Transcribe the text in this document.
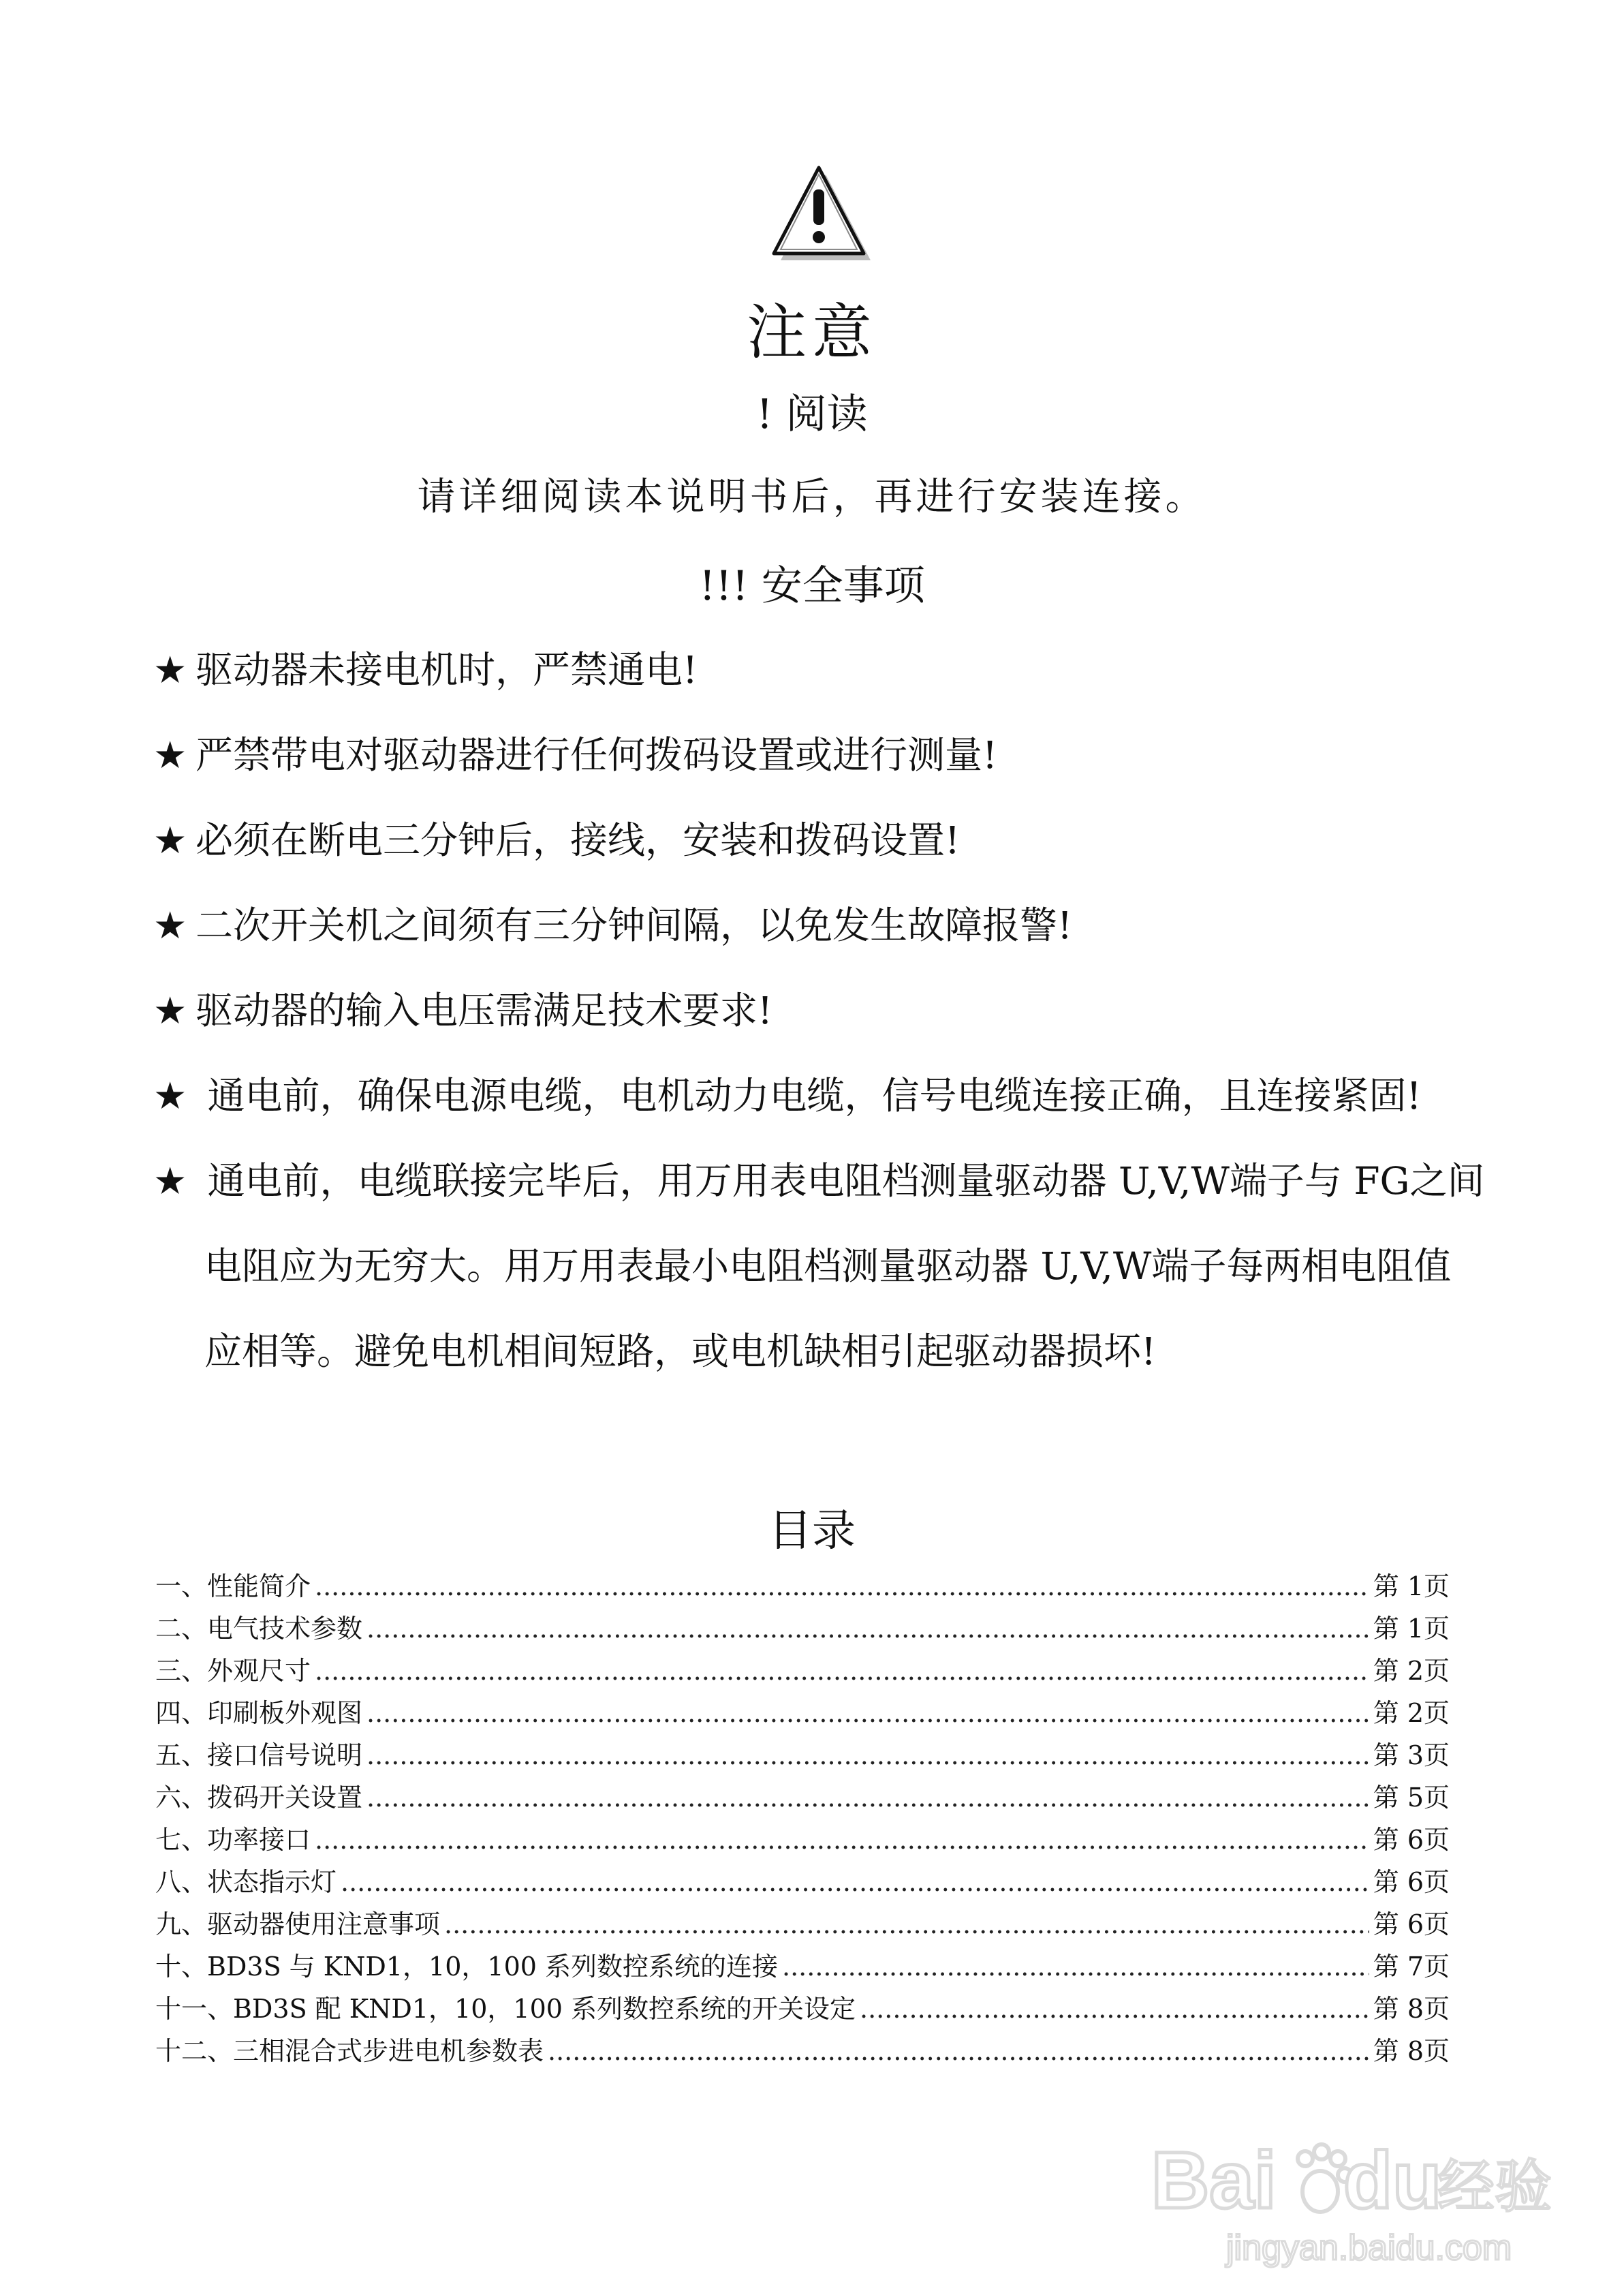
注意
! 阅读
请详细阅读本说明书后，再进行安装连接。
!!! 安全事项
★ 驱动器未接电机时，严禁通电!
★ 严禁带电对驱动器进行任何拨码设置或进行测量!
★ 必须在断电三分钟后，接线，安装和拨码设置!
★ 二次开关机之间须有三分钟间隔，以免发生故障报警!
★ 驱动器的输入电压需满足技术要求!
★ 通电前，确保电源电缆，电机动力电缆，信号电缆连接正确，且连接紧固!
★ 通电前，电缆联接完毕后，用万用表电阻档测量驱动器 U,V,W端子与 FG之间
电阻应为无穷大。用万用表最小电阻档测量驱动器 U,V,W端子每两相电阻值
应相等。避免电机相间短路，或电机缺相引起驱动器损坏!
目录
一、性能简介 .....	第 1页
二、电气技术参数 .....	第 1页
三、外观尺寸 .....	第 2页
四、印刷板外观图 .....	第 2页
五、接口信号说明 .....	第 3页
六、拨码开关设置 .....	第 5页
七、功率接口 .....	第 6页
八、状态指示灯 .....	第 6页
九、驱动器使用注意事项 .....	第 6页
十、BD3S 与 KND1，10，100 系列数控系统的连接 .....	第 7页
十一、BD3S 配 KND1，10，100 系列数控系统的开关设定 .....	第 8页
十二、三相混合式步进电机参数表 .....	第 8页
Bai du
经验
jingyan.baidu.com
